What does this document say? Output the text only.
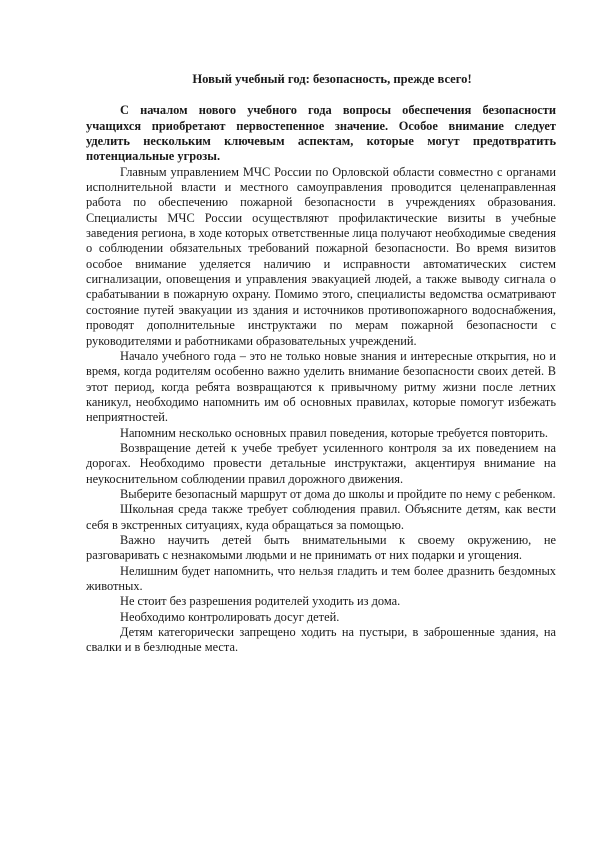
Новый учебный год: безопасность, прежде всего!

С началом нового учебного года вопросы обеспечения безопасности учащихся приобретают первостепенное значение. Особое внимание следует уделить нескольким ключевым аспектам, которые могут предотвратить потенциальные угрозы.

Главным управлением МЧС России по Орловской области совместно с органами исполнительной власти и местного самоуправления проводится целенаправленная работа по обеспечению пожарной безопасности в учреждениях образования. Специалисты МЧС России осуществляют профилактические визиты в учебные заведения региона, в ходе которых ответственные лица получают необходимые сведения о соблюдении обязательных требований пожарной безопасности. Во время визитов особое внимание уделяется наличию и исправности автоматических систем сигнализации, оповещения и управления эвакуацией людей, а также выводу сигнала о срабатывании в пожарную охрану. Помимо этого, специалисты ведомства осматривают состояние путей эвакуации из здания и источников противопожарного водоснабжения, проводят дополнительные инструктажи по мерам пожарной безопасности с руководителями и работниками образовательных учреждений.

Начало учебного года – это не только новые знания и интересные открытия, но и время, когда родителям особенно важно уделить внимание безопасности своих детей. В этот период, когда ребята возвращаются к привычному ритму жизни после летних каникул, необходимо напомнить им об основных правилах, которые помогут избежать неприятностей.

Напомним несколько основных правил поведения, которые требуется повторить.

Возвращение детей к учебе требует усиленного контроля за их поведением на дорогах. Необходимо провести детальные инструктажи, акцентируя внимание на неукоснительном соблюдении правил дорожного движения.

Выберите безопасный маршрут от дома до школы и пройдите по нему с ребенком.

Школьная среда также требует соблюдения правил. Объясните детям, как вести себя в экстренных ситуациях, куда обращаться за помощью.

Важно научить детей быть внимательными к своему окружению, не разговаривать с незнакомыми людьми и не принимать от них подарки и угощения.

Нелишним будет напомнить, что нельзя гладить и тем более дразнить бездомных животных.

Не стоит без разрешения родителей уходить из дома.

Необходимо контролировать досуг детей.

Детям категорически запрещено ходить на пустыри, в заброшенные здания, на свалки и в безлюдные места.
